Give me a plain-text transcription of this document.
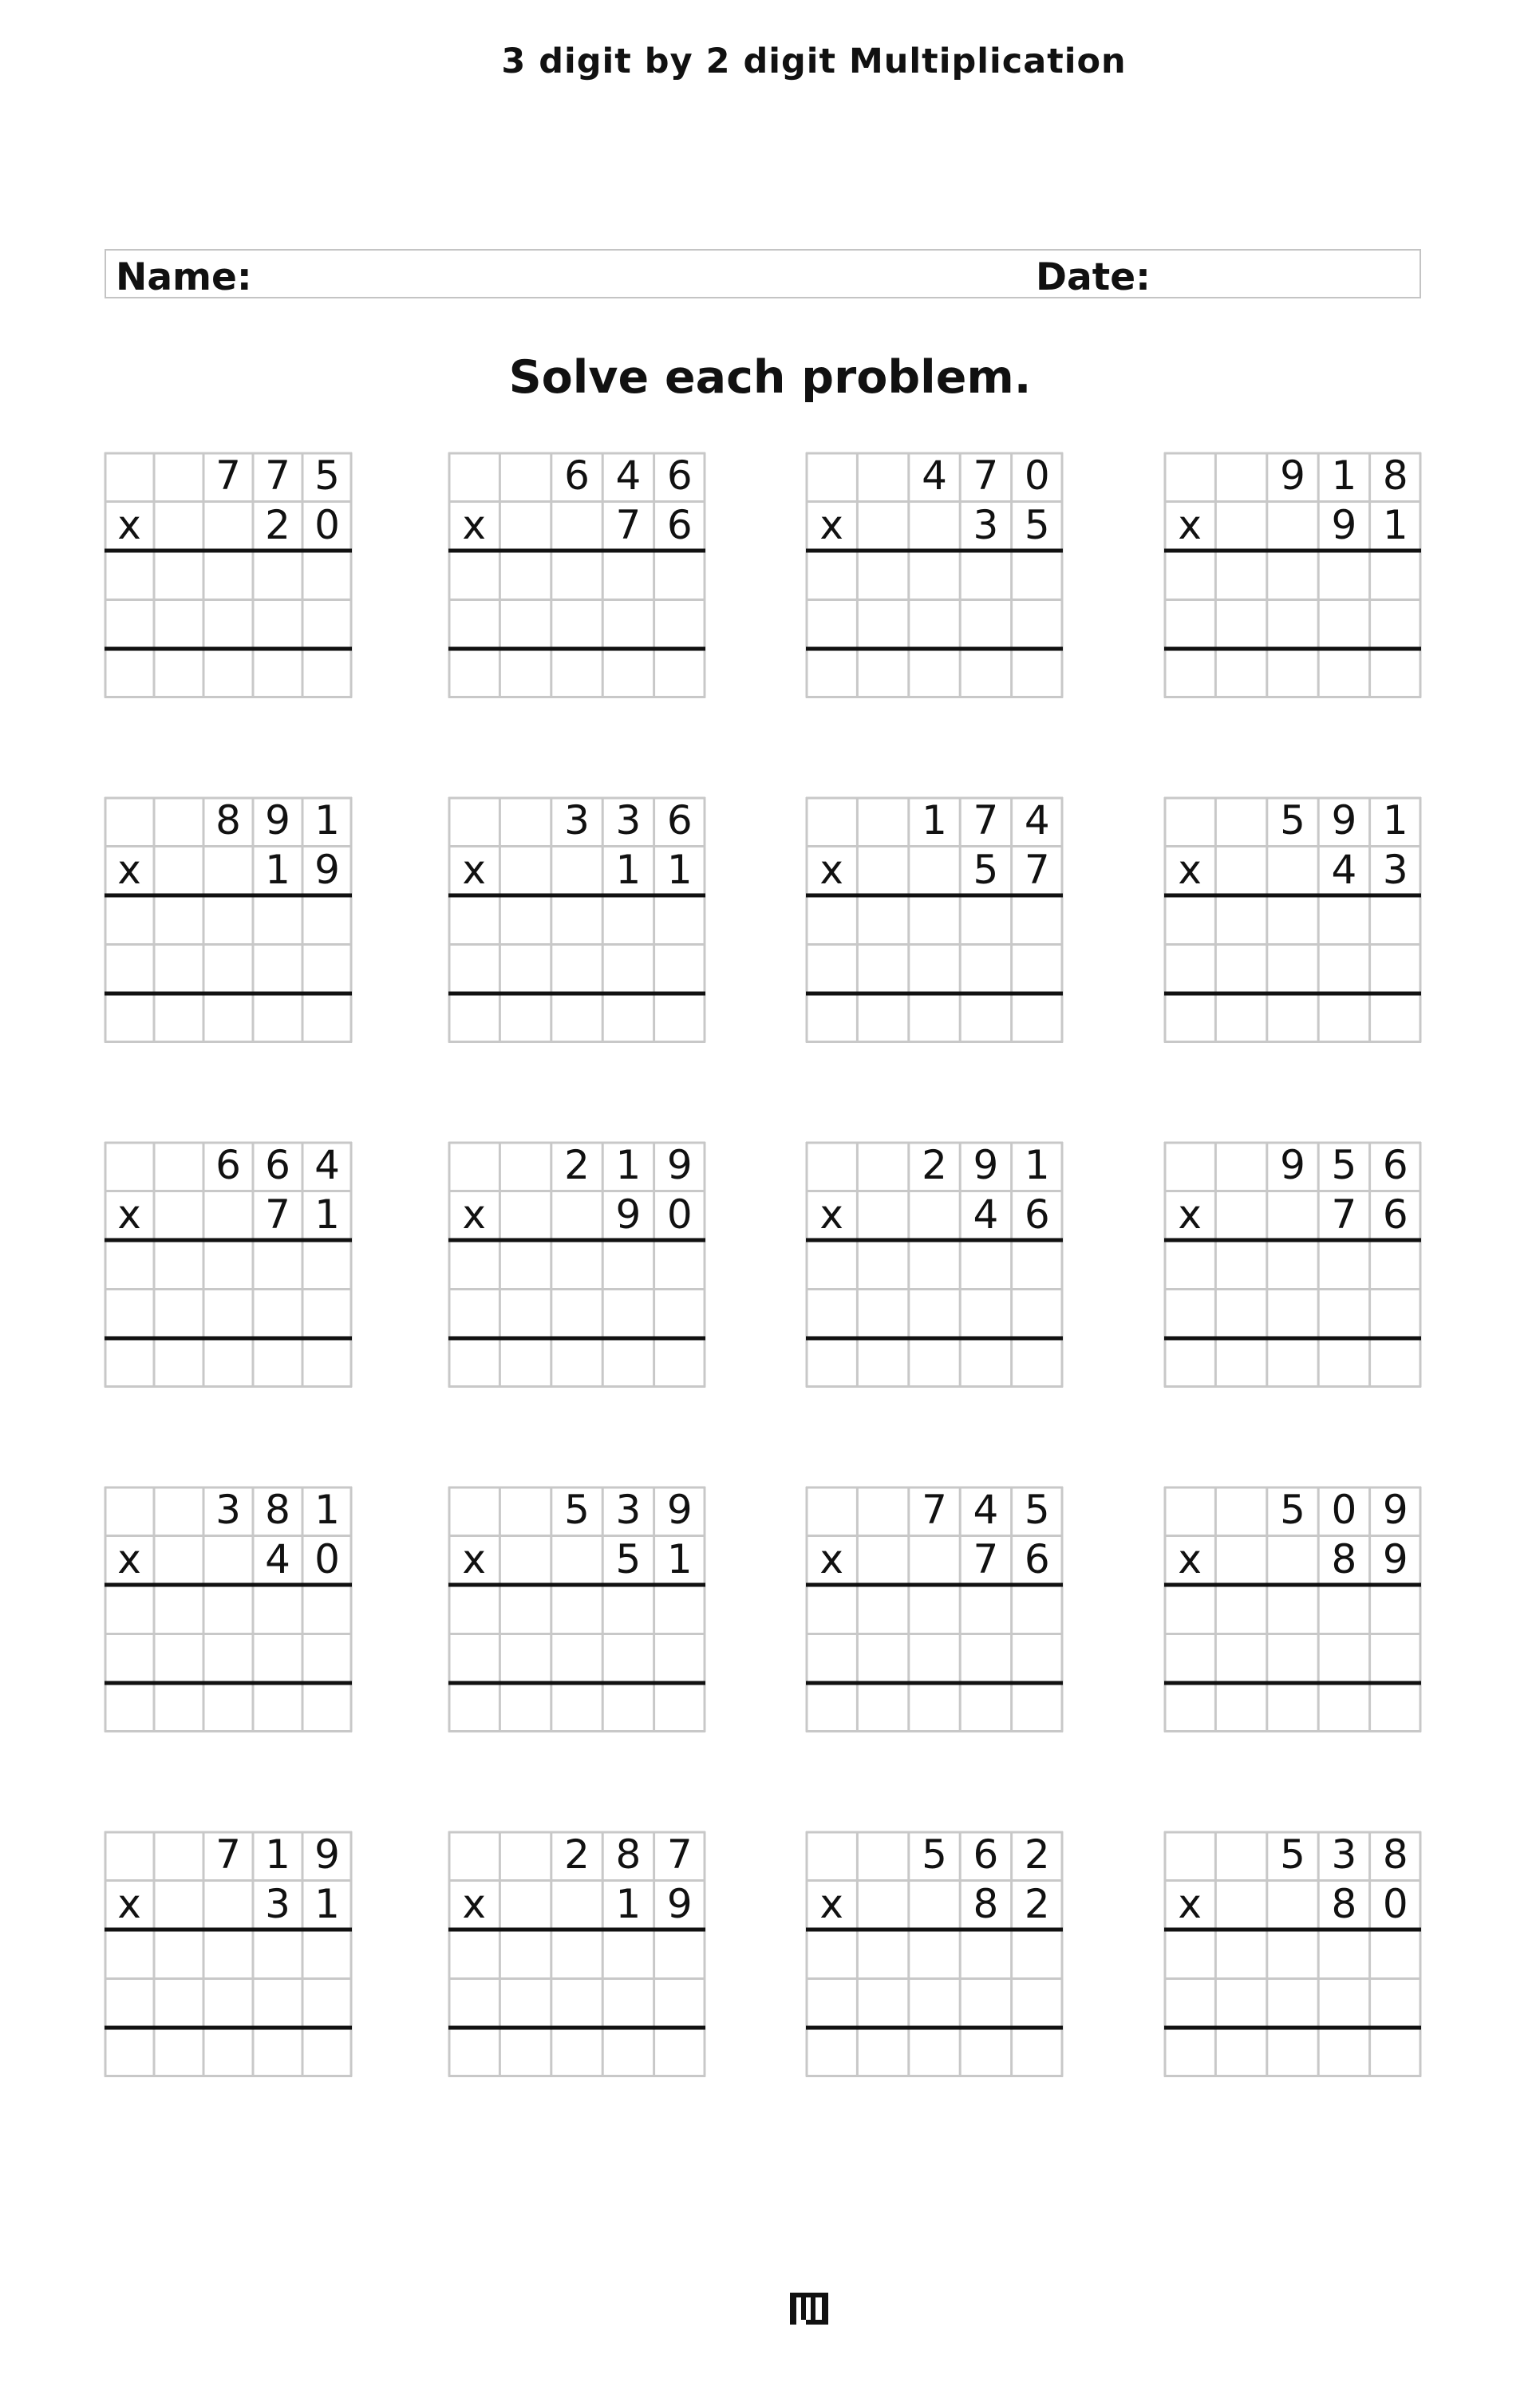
3 digit by 2 digit Multiplication
Name:	Date:
Solve each problem.
7 7 5
x	2 0
6 4 6
x	7 6
4 7 0
x	3 5
9 1 8
x	9 1
8 9 1
x	1 9
3 3 6
x	1 1
1 7 4
x	5 7
5 9 1
x	4 3
6 6 4
x	7 1
2 1 9
x	9 0
2 9 1
x	4 6
9 5 6
x	7 6
3 8 1
x	4 0
5 3 9
x	5 1
7 4 5
x	7 6
5 0 9
x	8 9
7 1 9
x	3 1
2 8 7
x	1 9
5 6 2
x	8 2
5 3 8
x	8 0
